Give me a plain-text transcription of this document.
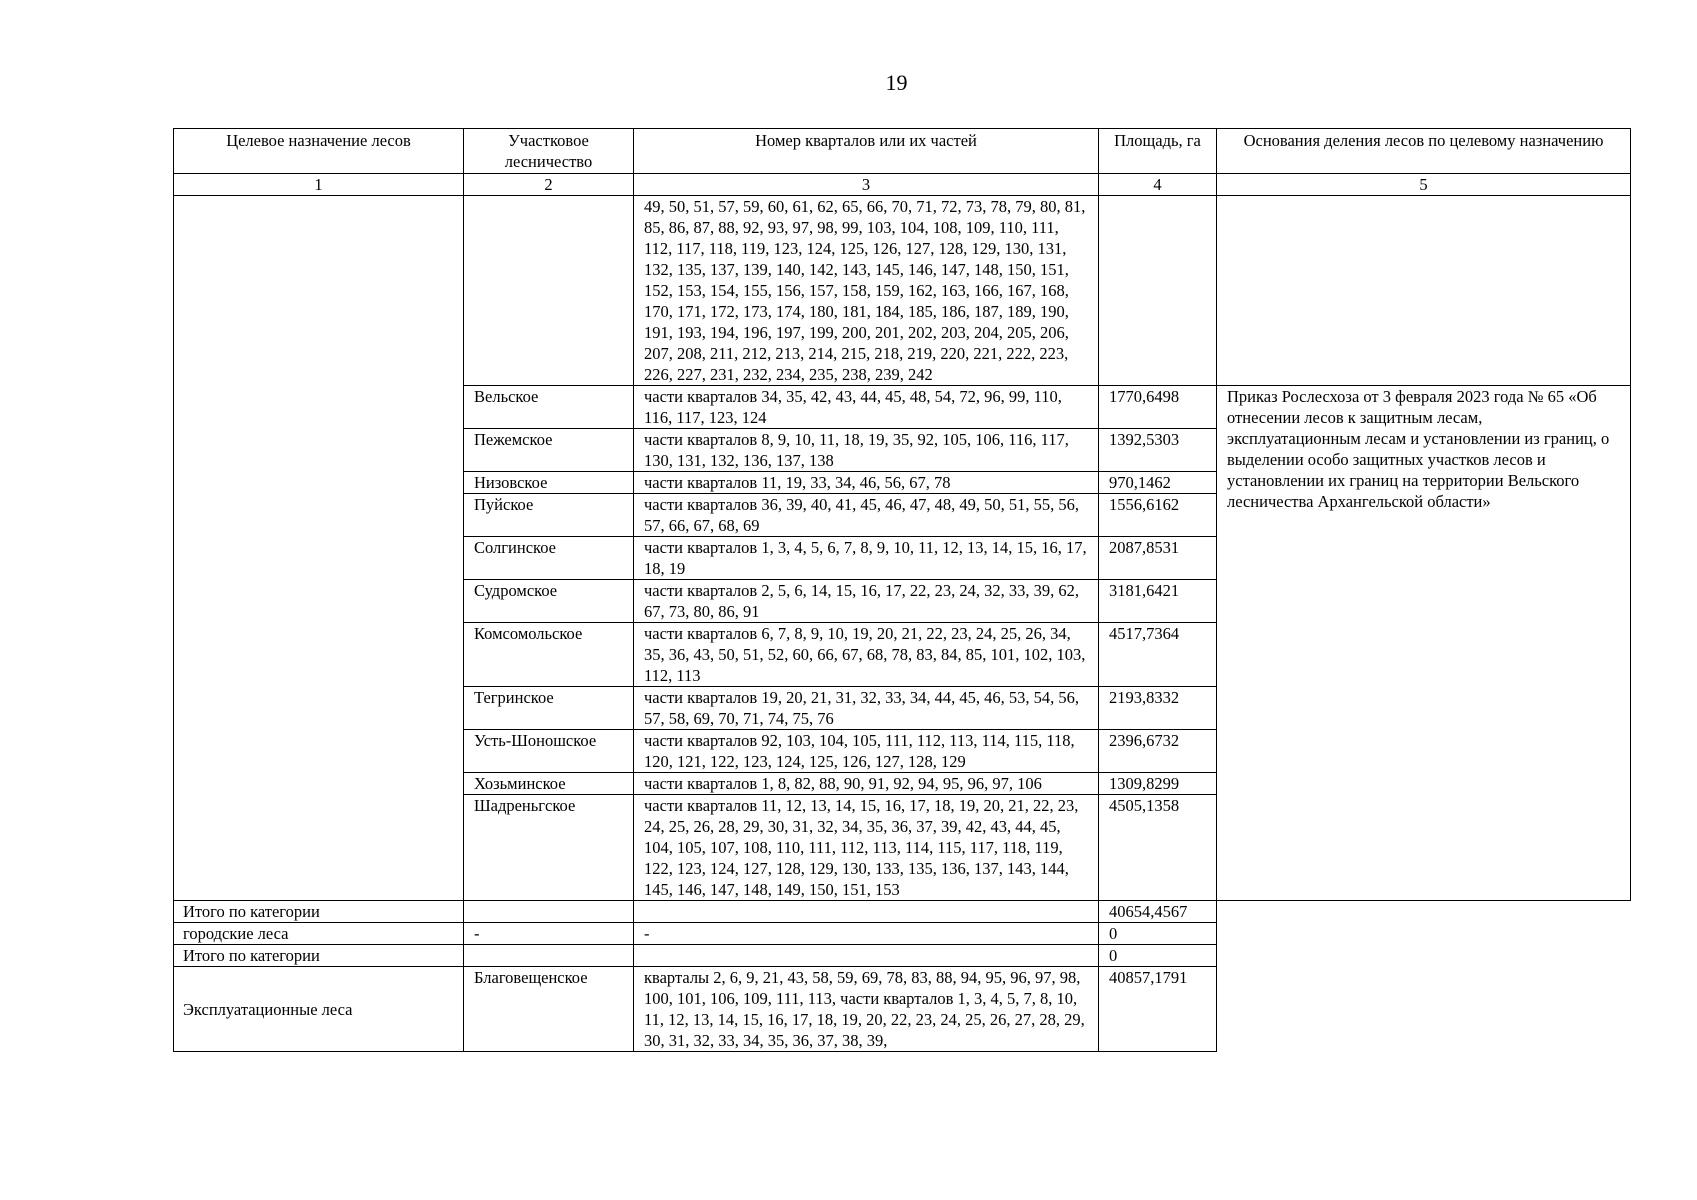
19
Целевое назначение лесов	Участковое лесничество	Номер кварталов или их частей	Площадь, га	Основания деления лесов по целевому назначению
1	2	3	4	5
		49, 50, 51, 57, 59, 60, 61, 62, 65, 66, 70, 71, 72, 73, 78, 79, 80, 81, 85, 86, 87, 88, 92, 93, 97, 98, 99, 103, 104, 108, 109, 110, 111, 112, 117, 118, 119, 123, 124, 125, 126, 127, 128, 129, 130, 131, 132, 135, 137, 139, 140, 142, 143, 145, 146, 147, 148, 150, 151, 152, 153, 154, 155, 156, 157, 158, 159, 162, 163, 166, 167, 168, 170, 171, 172, 173, 174, 180, 181, 184, 185, 186, 187, 189, 190, 191, 193, 194, 196, 197, 199, 200, 201, 202, 203, 204, 205, 206, 207, 208, 211, 212, 213, 214, 215, 218, 219, 220, 221, 222, 223, 226, 227, 231, 232, 234, 235, 238, 239, 242		
	Вельское	части кварталов 34, 35, 42, 43, 44, 45, 48, 54, 72, 96, 99, 110, 116, 117, 123, 124	1770,6498	Приказ Рослесхоза от 3 февраля 2023 года № 65 «Об отнесении лесов к защитным лесам, эксплуатационным лесам и установлении из границ, о выделении особо защитных участков лесов и установлении их границ на территории Вельского лесничества Архангельской области»
	Пежемское	части кварталов 8, 9, 10, 11, 18, 19, 35, 92, 105, 106, 116, 117, 130, 131, 132, 136, 137, 138	1392,5303	
	Низовское	части кварталов 11, 19, 33, 34, 46, 56, 67, 78	970,1462	
	Пуйское	части кварталов 36, 39, 40, 41, 45, 46, 47, 48, 49, 50, 51, 55, 56, 57, 66, 67, 68, 69	1556,6162	
	Солгинское	части кварталов 1, 3, 4, 5, 6, 7, 8, 9, 10, 11, 12, 13, 14, 15, 16, 17, 18, 19	2087,8531	
	Судромское	части кварталов 2, 5, 6, 14, 15, 16, 17, 22, 23, 24, 32, 33, 39, 62, 67, 73, 80, 86, 91	3181,6421	
	Комсомольское	части кварталов 6, 7, 8, 9, 10, 19, 20, 21, 22, 23, 24, 25, 26, 34, 35, 36, 43, 50, 51, 52, 60, 66, 67, 68, 78, 83, 84, 85, 101, 102, 103, 112, 113	4517,7364	
	Тегринское	части кварталов 19, 20, 21, 31, 32, 33, 34, 44, 45, 46, 53, 54, 56, 57, 58, 69, 70, 71, 74, 75, 76	2193,8332	
	Усть-Шоношское	части кварталов 92, 103, 104, 105, 111, 112, 113, 114, 115, 118, 120, 121, 122, 123, 124, 125, 126, 127, 128, 129	2396,6732	
	Хозьминское	части кварталов 1, 8, 82, 88, 90, 91, 92, 94, 95, 96, 97, 106	1309,8299	
	Шадреньгское	части кварталов 11, 12, 13, 14, 15, 16, 17, 18, 19, 20, 21, 22, 23, 24, 25, 26, 28, 29, 30, 31, 32, 34, 35, 36, 37, 39, 42, 43, 44, 45, 104, 105, 107, 108, 110, 111, 112, 113, 114, 115, 117, 118, 119, 122, 123, 124, 127, 128, 129, 130, 133, 135, 136, 137, 143, 144, 145, 146, 147, 148, 149, 150, 151, 153	4505,1358	
Итого по категории			40654,4567	
городские леса	-	-	0	
Итого по категории			0	
Эксплуатационные леса	Благовещенское	кварталы 2, 6, 9, 21, 43, 58, 59, 69, 78, 83, 88, 94, 95, 96, 97, 98, 100, 101, 106, 109, 111, 113, части кварталов 1, 3, 4, 5, 7, 8, 10, 11, 12, 13, 14, 15, 16, 17, 18, 19, 20, 22, 23, 24, 25, 26, 27, 28, 29, 30, 31, 32, 33, 34, 35, 36, 37, 38, 39,	40857,1791	
